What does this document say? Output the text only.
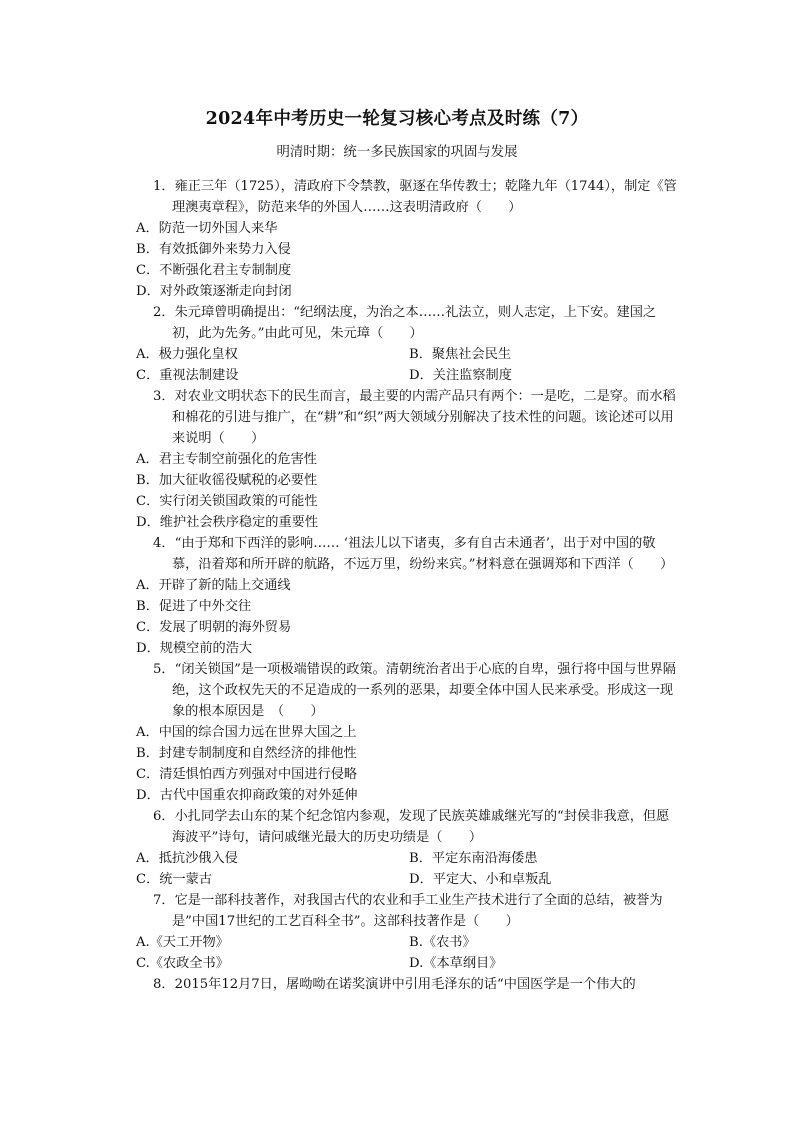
2024年中考历史一轮复习核心考点及时练（7）
明清时期：统一多民族国家的巩固与发展
1．雍正三年（1725），清政府下令禁教，驱逐在华传教士；乾隆九年（1744），制定《管理澳夷章程》，防范来华的外国人……这表明清政府（　　）
A．防范一切外国人来华
B．有效抵御外来势力入侵
C．不断强化君主专制制度
D．对外政策逐渐走向封闭
2．朱元璋曾明确提出：“纪纲法度，为治之本……礼法立，则人志定，上下安。建国之初，此为先务。”由此可见，朱元璋（　　）
A．极力强化皇权	B．聚焦社会民生
C．重视法制建设	D．关注监察制度
3．对农业文明状态下的民生而言，最主要的内需产品只有两个：一是吃，二是穿。而水稻和棉花的引进与推广，在“耕”和“织”两大领域分别解决了技术性的问题。该论述可以用来说明（　　）
A．君主专制空前强化的危害性
B．加大征收徭役赋税的必要性
C．实行闭关锁国政策的可能性
D．维护社会秩序稳定的重要性
4．“由于郑和下西洋的影响…… ‘祖法儿以下诸夷，多有自古未通者’，出于对中国的敬慕，沿着郑和所开辟的航路，不远万里，纷纷来宾。”材料意在强调郑和下西洋（　　）
A．开辟了新的陆上交通线
B．促进了中外交往
C．发展了明朝的海外贸易
D．规模空前的浩大
5．“闭关锁国”是一项极端错误的政策。清朝统治者出于心底的自卑，强行将中国与世界隔绝，这个政权先天的不足造成的一系列的恶果，却要全体中国人民来承受。形成这一现象的根本原因是　（　　）
A．中国的综合国力远在世界大国之上
B．封建专制制度和自然经济的排他性
C．清廷惧怕西方列强对中国进行侵略
D．古代中国重农抑商政策的对外延伸
6．小扎同学去山东的某个纪念馆内参观，发现了民族英雄戚继光写的“封侯非我意，但愿海波平”诗句，请问戚继光最大的历史功绩是（　　）
A．抵抗沙俄入侵	B．平定东南沿海倭患
C．统一蒙古	D．平定大、小和卓叛乱
7．它是一部科技著作，对我国古代的农业和手工业生产技术进行了全面的总结，被誉为是”中国17世纪的工艺百科全书”。这部科技著作是（　　）
A.《天工开物》	B.《农书》
C.《农政全书》	D.《本草纲目》
8．2015年12月7日，屠呦呦在诺奖演讲中引用毛泽东的话“中国医学是一个伟大的
